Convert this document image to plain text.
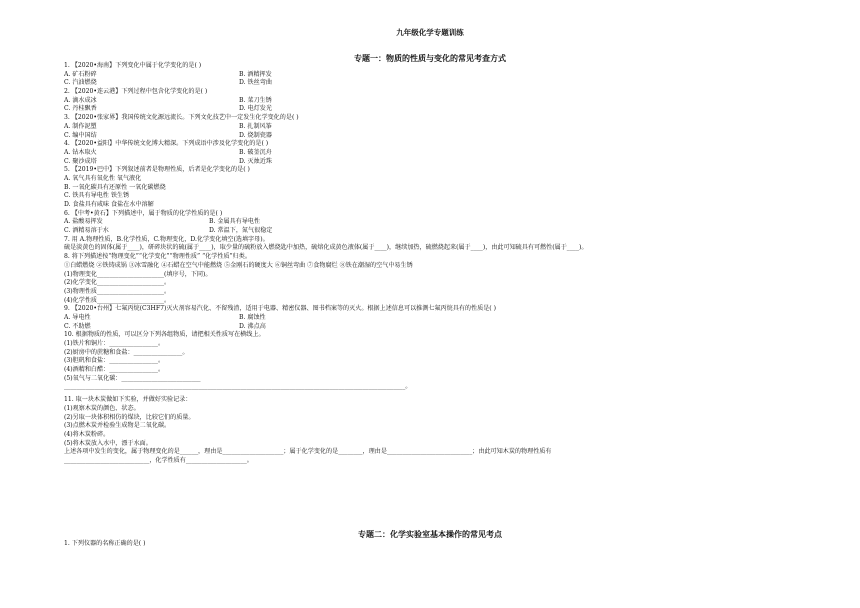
九年级化学专题训练
专题一：物质的性质与变化的常见考查方式
1. 【2020•海南】下列变化中属于化学变化的是( )
A. 矿石粉碎	B. 酒精挥发
C. 汽油燃烧	D. 铁丝弯曲
2. 【2020•连云港】下列过程中包含化学变化的是( )
A. 滴水成冰	B. 菜刀生锈
C. 丹桂飘香	D. 电灯发光
3. 【2020•张家界】我国传统文化源远流长。下列文化技艺中一定发生化学变化的是( )
A. 制作泥塑	B. 扎制风筝
C. 编中国结	D. 烧制瓷器
4. 【2020•益阳】中华传统文化博大精深。下列成语中涉及化学变化的是( )
A. 钻木取火	B. 破釜沉舟
C. 聚沙成塔	D. 灭烛近珠
5. 【2019•巴中】下列叙述前者是物理性质，后者是化学变化的是( )
A. 氧气具有氧化性 氧气液化
B. 一氧化碳具有还原性 一氧化碳燃烧
C. 铁具有导电性 铁生锈
D. 食盐具有咸味 食盐在水中溶解
6. 【中考•黄石】下列描述中，属于物质的化学性质的是( )
A. 盐酸易挥发	B. 金属具有导电性
C. 酒精易溶于水	D. 常温下，氮气很稳定
7. 用 A.物理性质，B.化学性质，C.物理变化，D.化学变化填空(选填字母)。
硫是淡黄色的固体(属于____)，研碎块状的硫(属于____)，取少量的硫粉放入燃烧匙中加热，硫熔化成黄色液体(属于____)，继续加热，硫燃烧起来(属于____)，由此可知硫具有可燃性(属于____)。
8. 将下列描述按“物理变化”“化学变化”“物理性质” “化学性质”归类。
①白蜡燃烧 ②铁铸成锅 ③冰雪融化 ④石蜡在空气中能燃烧 ⑤金刚石的硬度大 ⑥铜丝弯曲 ⑦食物腐烂 ⑧铁在潮湿的空气中易生锈
(1)物理变化______________________(填序号，下同)。
(2)化学变化______________________。
(3)物理性质______________________。
(4)化学性质______________________。
9. 【2020•台州】七氟丙烷(C3HF7)灭火剂容易汽化、不留残渣，适用于电器、精密仪器、图书档案等的灭火。根据上述信息可以推测七氟丙烷具有的性质是( )
A. 导电性	B. 腐蚀性
C. 不助燃	D. 沸点高
10. 根据物质的性质，可以区分下列各组物质，请把相关性质写在横线上。
(1)铁片和铜片：________________。
(2)厨房中的蔗糖和食盐：________________。
(3)胆矾和食盐：________________。
(4)酒精和白醋：________________。
(5)氧气与二氧化碳：__________________________
________________________________________________________________________________________________________________。
11. 取一块木炭做如下实验，并做好实验记录：
(1)观察木炭的颜色、状态。
(2)另取一块体积相仿的煤块，比较它们的质量。
(3)点燃木炭并检验生成物是二氧化碳。
(4)将木炭粉碎。
(5)将木炭放入水中，漂于水面。
上述各项中发生的变化，属于物理变化的是______，理由是____________________；属于化学变化的是________，理由是____________________________；由此可知木炭的物理性质有
____________________________，化学性质有____________________。
专题二：化学实验室基本操作的常见考点
1. 下列仪器的名称正确的是( )
